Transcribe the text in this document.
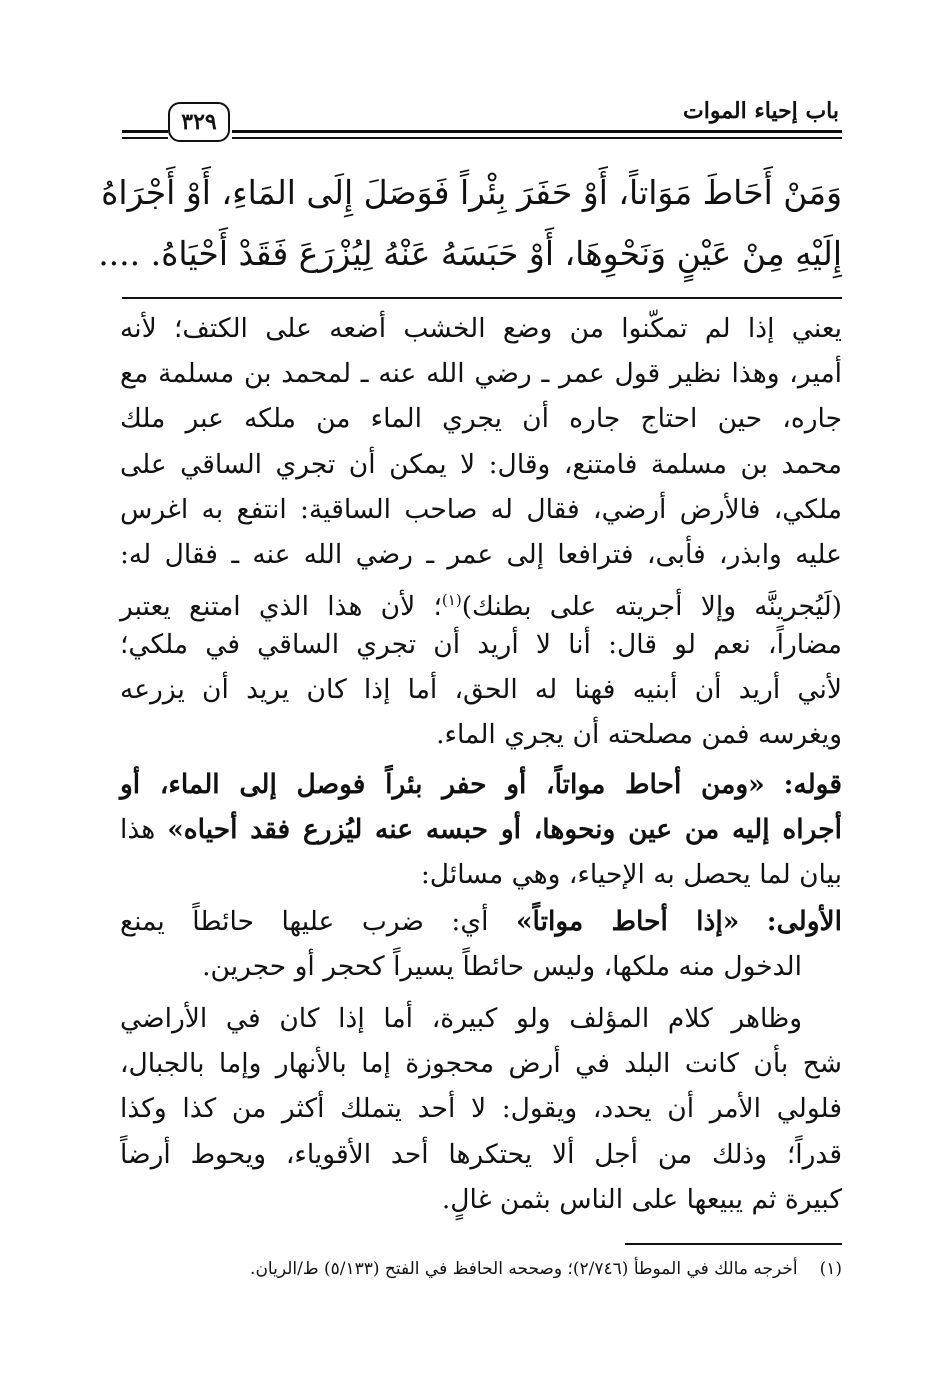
باب إحياء الموات
٣٢٩
وَمَنْ أَحَاطَ مَوَاتاً، أَوْ حَفَرَ بِئْراً فَوَصَلَ إِلَى المَاءِ، أَوْ أَجْرَاهُ
إِلَيْهِ مِنْ عَيْنٍ وَنَحْوِهَا، أَوْ حَبَسَهُ عَنْهُ لِيُزْرَعَ فَقَدْ أَحْيَاهُ. ....
يعني إذا لم تمكّنوا من وضع الخشب أضعه على الكتف؛ لأنه
أمير، وهذا نظير قول عمر ـ رضي الله عنه ـ لمحمد بن مسلمة مع
جاره، حين احتاج جاره أن يجري الماء من ملكه عبر ملك
محمد بن مسلمة فامتنع، وقال: لا يمكن أن تجري الساقي على
ملكي، فالأرض أرضي، فقال له صاحب الساقية: انتفع به اغرس
عليه وابذر، فأبى، فترافعا إلى عمر ـ رضي الله عنه ـ فقال له:
(لَيُجرينَّه وإلا أجريته على بطنك)$^{(١)}$؛ لأن هذا الذي امتنع يعتبر
مضاراً، نعم لو قال: أنا لا أريد أن تجري الساقي في ملكي؛
لأني أريد أن أبنيه فهنا له الحق، أما إذا كان يريد أن يزرعه
ويغرسه فمن مصلحته أن يجري الماء.
قوله: «ومن أحاط مواتاً، أو حفر بئراً فوصل إلى الماء، أو
أجراه إليه من عين ونحوها، أو حبسه عنه ليُزرع فقد أحياه» هذا
بيان لما يحصل به الإحياء، وهي مسائل:
الأولى: «إذا أحاط مواتاً» أي: ضرب عليها حائطاً يمنع
الدخول منه ملكها، وليس حائطاً يسيراً كحجر أو حجرين.
وظاهر كلام المؤلف ولو كبيرة، أما إذا كان في الأراضي
شح بأن كانت البلد في أرض محجوزة إما بالأنهار وإما بالجبال،
فلولي الأمر أن يحدد، ويقول: لا أحد يتملك أكثر من كذا وكذا
قدراً؛ وذلك من أجل ألا يحتكرها أحد الأقوياء، ويحوط أرضاً
كبيرة ثم يبيعها على الناس بثمن غالٍ.
(١)أخرجه مالك في الموطأ (٢/٧٤٦)؛ وصححه الحافظ في الفتح (٥/١٣٣) ط/الريان.
